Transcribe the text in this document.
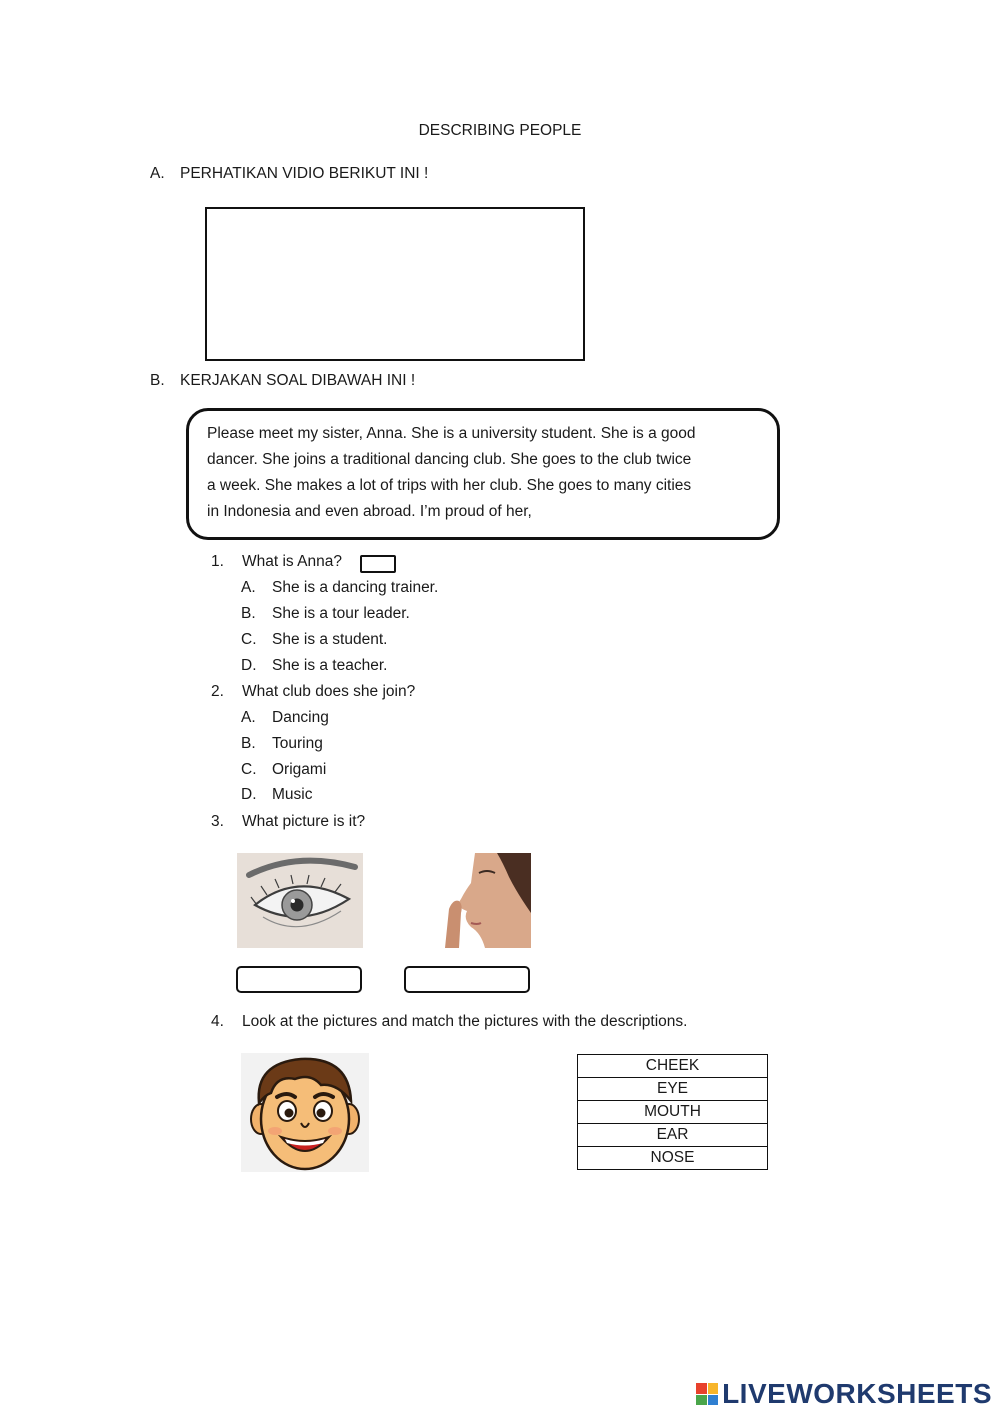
DESCRIBING PEOPLE
A. PERHATIKAN VIDIO BERIKUT INI !
B. KERJAKAN SOAL DIBAWAH INI !

Please meet my sister, Anna. She is a university student. She is a good

dancer. She joins a traditional dancing club. She goes to the club twice

a week. She makes a lot of trips with her club. She goes to many cities

in Indonesia and even abroad. I’m proud of her,

1. What is Anna?
A. She is a dancing trainer.
B. She is a tour leader.
C. She is a student.
D. She is a teacher.
2. What club does she join?
A. Dancing
B. Touring
C. Origami
D. Music
3. What picture is it?
4. Look at the pictures and match the pictures with the descriptions.
CHEEK
EYE
MOUTH
EAR
NOSE
LIVEWORKSHEETS
